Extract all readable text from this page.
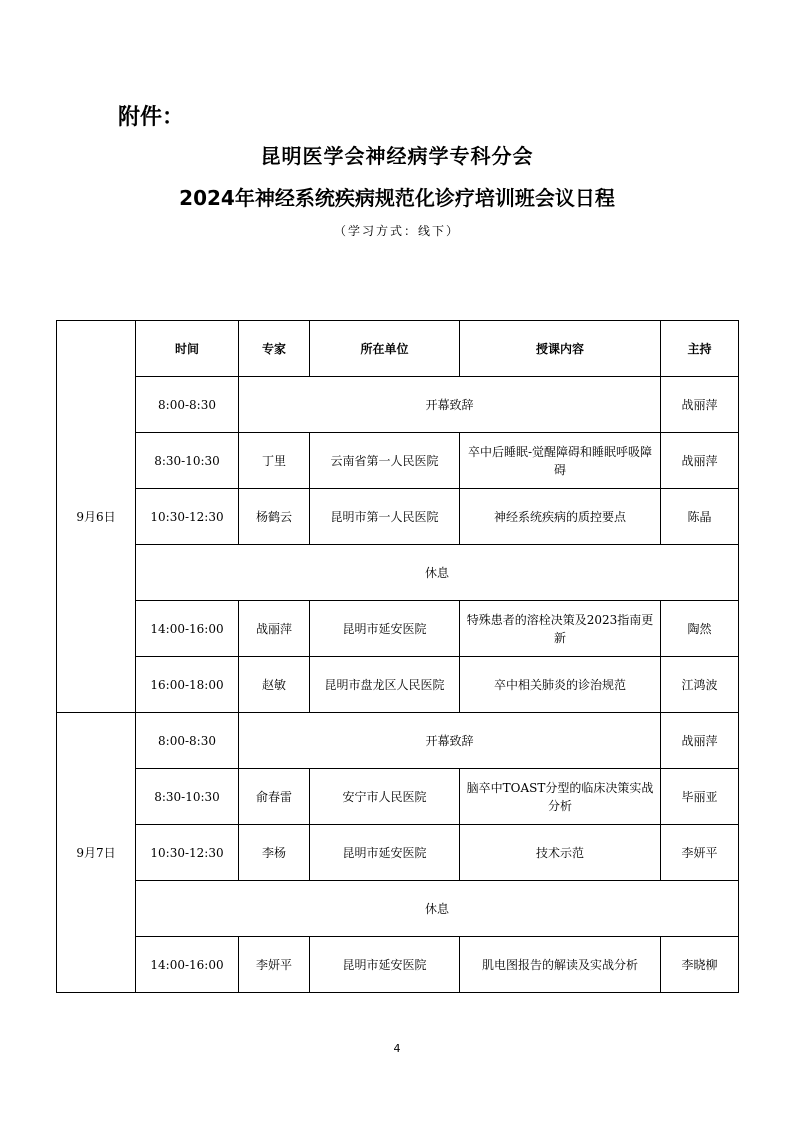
附件：
昆明医学会神经病学专科分会
2024年神经系统疾病规范化诊疗培训班会议日程
（学习方式：线下）
9月6日	时间	专家	所在单位	授课内容	主持
	8:00-8:30	开幕致辞			战丽萍
	8:30-10:30	丁里	云南省第一人民医院	卒中后睡眠-觉醒障碍和睡眠呼吸障碍	战丽萍
	10:30-12:30	杨鹤云	昆明市第一人民医院	神经系统疾病的质控要点	陈晶
	休息				
	14:00-16:00	战丽萍	昆明市延安医院	特殊患者的溶栓决策及2023指南更新	陶然
	16:00-18:00	赵敏	昆明市盘龙区人民医院	卒中相关肺炎的诊治规范	江鸿波
9月7日	8:00-8:30	开幕致辞			战丽萍
	8:30-10:30	俞春雷	安宁市人民医院	脑卒中TOAST分型的临床决策实战分析	毕丽亚
	10:30-12:30	李杨	昆明市延安医院	技术示范	李妍平
	休息				
	14:00-16:00	李妍平	昆明市延安医院	肌电图报告的解读及实战分析	李晓柳
4
